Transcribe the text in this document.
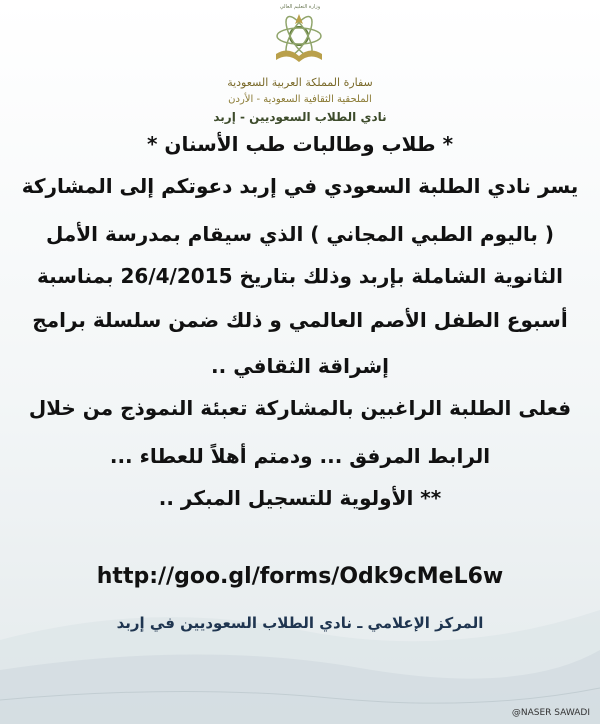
وزارة التعليم العالي
سفارة المملكة العربية السعودية
الملحقية الثقافية السعودية - الأردن
نادي الطلاب السعوديين - إربد
* طلاب وطالبات طب الأسنان *
يسر نادي الطلبة السعودي في إربد دعوتكم إلى المشاركة
( باليوم الطبي المجاني ) الذي سيقام بمدرسة الأمل
الثانوية الشاملة بإربد وذلك بتاريخ 26/4/2015 بمناسبة
أسبوع الطفل الأصم العالمي و ذلك ضمن سلسلة برامج
إشراقة الثقافي ..
فعلى الطلبة الراغبين بالمشاركة تعبئة النموذج من خلال
الرابط المرفق ... ودمتم أهلاً للعطاء ...
** الأولوية للتسجيل المبكر ..
http://goo.gl/forms/Odk9cMeL6w
المركز الإعلامي ـ نادي الطلاب السعوديين في إربد
@NASER SAWADI
